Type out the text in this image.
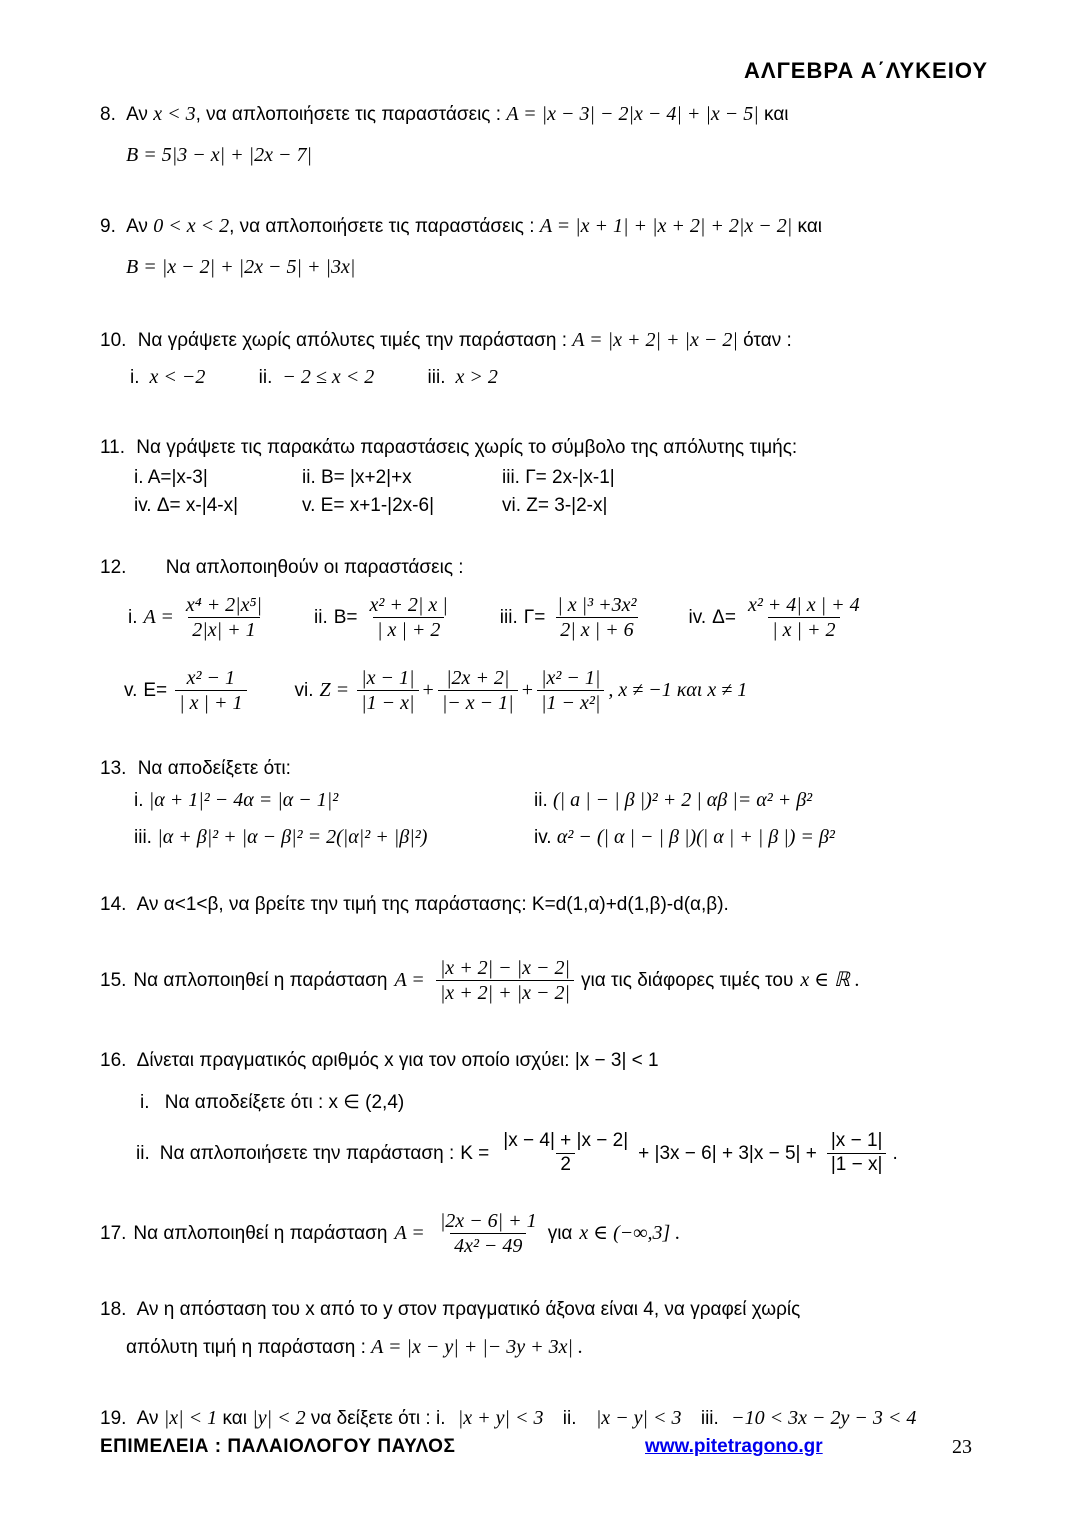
ΑΛΓΕΒΡΑ Α΄ΛΥΚΕΙΟΥ
8. Αν x < 3, να απλοποιήσετε τις παραστάσεις : A = |x − 3| − 2|x − 4| + |x − 5| και
B = 5|3 − x| + |2x − 7|
9. Αν 0 < x < 2, να απλοποιήσετε τις παραστάσεις : A = |x + 1| + |x + 2| + 2|x − 2| και
B = |x − 2| + |2x − 5| + |3x|
10. Να γράψετε χωρίς απόλυτες τιμές την παράσταση : A = |x + 2| + |x − 2| όταν :
i. x < −2	ii. − 2 ≤ x < 2	iii. x > 2
11. Να γράψετε τις παρακάτω παραστάσεις χωρίς το σύμβολο της απόλυτης τιμής:
i. A=|x-3|	ii. B= |x+2|+x	iii. Γ= 2x-|x-1|
iv. Δ= x-|4-x|	v. E= x+1-|2x-6|	vi. Z= 3-|2-x|
12. Να απλοποιηθούν οι παραστάσεις :
i. $A = \frac{\text{x⁴ + 2|x⁵|}}{2|x| + 1}$	ii. $B= \frac{\text{x² + 2| x |}}{| x | + 2}$	iii. $\Gamma= \frac{\text{| x |³ +3x²}}{2| x | + 6}$	iv. $\Delta= \frac{\text{x² + 4| x | + 4}}{| x | + 2}$
v. $E= \frac{\text{x² − 1}}{| x | + 1}$	vi. $Z = \frac{|x - 1|}{|1 - x|} + \frac{|2x + 2|}{|- x - 1|} + \frac{\text{|x² − 1|}}{\text{|1 − x²|}}$ , x ≠ −1 και x ≠ 1
13. Να αποδείξετε ότι:
i. |α + 1|² − 4α = |α − 1|²	ii. (| a | − | β |)² + 2 | αβ |= α² + β²
iii. |α + β|² + |α − β|² = 2(|α|² + |β|²)	iv. α² − (| α | − | β |)(| α | + | β |) = β²
14. Αν α<1<β, να βρείτε την τιμή της παράστασης: K=d(1,α)+d(1,β)-d(α,β).
15. Να απλοποιηθεί η παράσταση $A = \frac{|x + 2| - |x - 2|}{|x + 2| + |x - 2|}$ για τις διάφορες τιμές του x ∈ ℝ .
16. Δίνεται πραγματικός αριθμός x για τον οποίο ισχύει: |x − 3| < 1
i. Να αποδείξετε ότι : x ∈ (2,4)
ii. Να απλοποιήσετε την παράσταση : $K = \frac{|x - 4| + |x - 2|}{2} + |3x - 6| + 3|x - 5| + \frac{|x - 1|}{|1 - x|}$ .
17. Να απλοποιηθεί η παράσταση $A = \frac{|2x - 6| + 1}{\text{4x² − 49}}$ για x ∈ (−∞,3] .
18. Αν η απόσταση του x από το y στον πραγματικό άξονα είναι 4, να γραφεί χωρίς
απόλυτη τιμή η παράσταση : A = |x − y| + |− 3y + 3x| .
19. Αν |x| < 1 και |y| < 2 να δείξετε ότι : i. |x + y| < 3 ii. |x − y| < 3 iii. −10 < 3x − 2y − 3 < 4
ΕΠΙΜΕΛΕΙΑ : ΠΑΛΑΙΟΛΟΓΟΥ ΠΑΥΛΟΣ	www.pitetragono.gr	23
